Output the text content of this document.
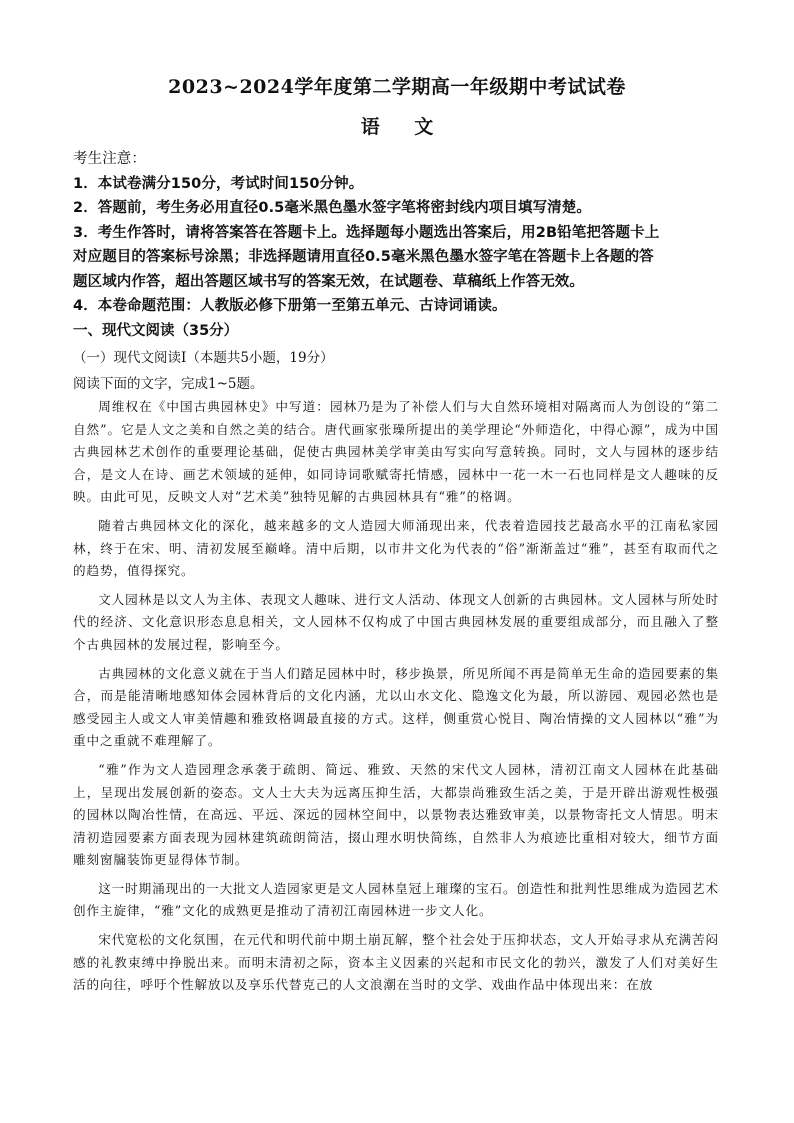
2023~2024学年度第二学期高一年级期中考试试卷
语 文
考生注意：
1．本试卷满分150分，考试时间150分钟。
2．答题前，考生务必用直径0.5毫米黑色墨水签字笔将密封线内项目填写清楚。
3．考生作答时，请将答案答在答题卡上。选择题每小题选出答案后，用2B铅笔把答题卡上
对应题目的答案标号涂黑；非选择题请用直径0.5毫米黑色墨水签字笔在答题卡上各题的答
题区域内作答，超出答题区域书写的答案无效，在试题卷、草稿纸上作答无效。
4．本卷命题范围：人教版必修下册第一至第五单元、古诗词诵读。
一、现代文阅读（35分）
（一）现代文阅读Ⅰ（本题共5小题，19分）
阅读下面的文字，完成1~5题。

周维权在《中国古典园林史》中写道：园林乃是为了补偿人们与大自然环境相对隔离而人为创设的“第二自然”。它是人文之美和自然之美的结合。唐代画家张璪所提出的美学理论“外师造化，中得心源”，成为中国古典园林艺术创作的重要理论基础，促使古典园林美学审美由写实向写意转换。同时，文人与园林的逐步结合，是文人在诗、画艺术领域的延伸，如同诗词歌赋寄托情感，园林中一花一木一石也同样是文人趣味的反映。由此可见，反映文人对“艺术美”独特见解的古典园林具有“雅”的格调。

随着古典园林文化的深化，越来越多的文人造园大师涌现出来，代表着造园技艺最高水平的江南私家园林，终于在宋、明、清初发展至巅峰。清中后期，以市井文化为代表的“俗”渐渐盖过“雅”，甚至有取而代之的趋势，值得探究。

文人园林是以文人为主体、表现文人趣味、进行文人活动、体现文人创新的古典园林。文人园林与所处时代的经济、文化意识形态息息相关，文人园林不仅构成了中国古典园林发展的重要组成部分，而且融入了整个古典园林的发展过程，影响至今。

古典园林的文化意义就在于当人们踏足园林中时，移步换景，所见所闻不再是简单无生命的造园要素的集合，而是能清晰地感知体会园林背后的文化内涵，尤以山水文化、隐逸文化为最，所以游园、观园必然也是感受园主人或文人审美情趣和雅致格调最直接的方式。这样，侧重赏心悦目、陶冶情操的文人园林以“雅”为重中之重就不难理解了。

“雅”作为文人造园理念承袭于疏朗、简远、雅致、天然的宋代文人园林，清初江南文人园林在此基础上，呈现出发展创新的姿态。文人士大夫为远离压抑生活，大都崇尚雅致生活之美，于是开辟出游观性极强的园林以陶冶性情，在高远、平远、深远的园林空间中，以景物表达雅致审美，以景物寄托文人情思。明末清初造园要素方面表现为园林建筑疏朗简洁，掇山理水明快简练，自然非人为痕迹比重相对较大，细节方面雕刻窗牖装饰更显得体节制。

这一时期涌现出的一大批文人造园家更是文人园林皇冠上璀璨的宝石。创造性和批判性思维成为造园艺术创作主旋律，“雅”文化的成熟更是推动了清初江南园林进一步文人化。

宋代宽松的文化氛围，在元代和明代前中期土崩瓦解，整个社会处于压抑状态，文人开始寻求从充满苦闷感的礼教束缚中挣脱出来。而明末清初之际，资本主义因素的兴起和市民文化的勃兴，激发了人们对美好生活的向往，呼吁个性解放以及享乐代替克己的人文浪潮在当时的文学、戏曲作品中体现出来：在放
